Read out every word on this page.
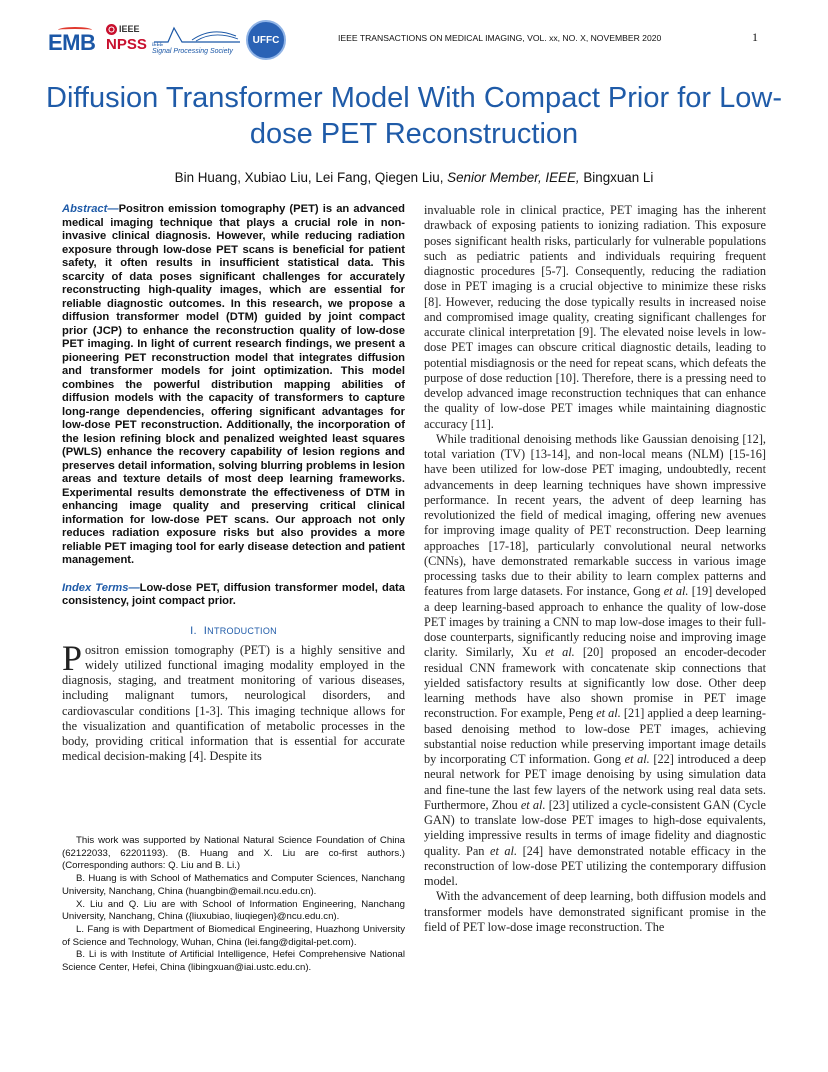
EMB
IEEE
NPSS IEEE
Signal Processing Society
UFFC	IEEE TRANSACTIONS ON MEDICAL IMAGING, VOL. xx, NO. X, NOVEMBER 2020	1
Diffusion Transformer Model With Compact Prior for Low-dose PET Reconstruction
Bin Huang, Xubiao Liu, Lei Fang, Qiegen Liu, Senior Member, IEEE, Bingxuan Li

Abstract—Positron emission tomography (PET) is an advanced medical imaging technique that plays a crucial role in non-invasive clinical diagnosis. However, while reducing radiation exposure through low-dose PET scans is beneficial for patient safety, it often results in insufficient statistical data. This scarcity of data poses significant challenges for accurately reconstructing high-quality images, which are essential for reliable diagnostic outcomes. In this research, we propose a diffusion transformer model (DTM) guided by joint compact prior (JCP) to enhance the reconstruction quality of low-dose PET imaging. In light of current research findings, we present a pioneering PET reconstruction model that integrates diffusion and transformer models for joint optimization. This model combines the powerful distribution mapping abilities of diffusion models with the capacity of transformers to capture long-range dependencies, offering significant advantages for low-dose PET reconstruction. Additionally, the incorporation of the lesion refining block and penalized weighted least squares (PWLS) enhance the recovery capability of lesion regions and preserves detail information, solving blurring problems in lesion areas and texture details of most deep learning frameworks. Experimental results demonstrate the effectiveness of DTM in enhancing image quality and preserving critical clinical information for low-dose PET scans. Our approach not only reduces radiation exposure risks but also provides a more reliable PET imaging tool for early disease detection and patient management.

Index Terms—Low-dose PET, diffusion transformer model, data consistency, joint compact prior.

I. INTRODUCTION

Positron emission tomography (PET) is a highly sensitive and widely utilized functional imaging modality employed in the diagnosis, staging, and treatment monitoring of various diseases, including malignant tumors, neurological disorders, and cardiovascular conditions [1-3]. This imaging technique allows for the visualization and quantification of metabolic processes in the body, providing critical information that is essential for accurate medical decision-making [4]. Despite its

This work was supported by National Natural Science Foundation of China (62122033, 62201193). (B. Huang and X. Liu are co-first authors.) (Corresponding authors: Q. Liu and B. Li.)

B. Huang is with School of Mathematics and Computer Sciences, Nanchang University, Nanchang, China (huangbin@email.ncu.edu.cn).

X. Liu and Q. Liu are with School of Information Engineering, Nanchang University, Nanchang, China ({liuxubiao, liuqiegen}@ncu.edu.cn).

L. Fang is with Department of Biomedical Engineering, Huazhong University of Science and Technology, Wuhan, China (lei.fang@digital-pet.com).

B. Li is with Institute of Artificial Intelligence, Hefei Comprehensive National Science Center, Hefei, China (libingxuan@iai.ustc.edu.cn).

invaluable role in clinical practice, PET imaging has the inherent drawback of exposing patients to ionizing radiation. This exposure poses significant health risks, particularly for vulnerable populations such as pediatric patients and individuals requiring frequent diagnostic procedures [5-7]. Consequently, reducing the radiation dose in PET imaging is a crucial objective to minimize these risks [8]. However, reducing the dose typically results in increased noise and compromised image quality, creating significant challenges for accurate clinical interpretation [9]. The elevated noise levels in low-dose PET images can obscure critical diagnostic details, leading to potential misdiagnosis or the need for repeat scans, which defeats the purpose of dose reduction [10]. Therefore, there is a pressing need to develop advanced image reconstruction techniques that can enhance the quality of low-dose PET images while maintaining diagnostic accuracy [11].

While traditional denoising methods like Gaussian denoising [12], total variation (TV) [13-14], and non-local means (NLM) [15-16] have been utilized for low-dose PET imaging, undoubtedly, recent advancements in deep learning techniques have shown impressive performance. In recent years, the advent of deep learning has revolutionized the field of medical imaging, offering new avenues for improving image quality of PET reconstruction. Deep learning approaches [17-18], particularly convolutional neural networks (CNNs), have demonstrated remarkable success in various image processing tasks due to their ability to learn complex patterns and features from large datasets. For instance, Gong et al. [19] developed a deep learning-based approach to enhance the quality of low-dose PET images by training a CNN to map low-dose images to their full-dose counterparts, significantly reducing noise and improving image clarity. Similarly, Xu et al. [20] proposed an encoder-decoder residual CNN framework with concatenate skip connections that yielded satisfactory results at significantly low dose. Other deep learning methods have also shown promise in PET image reconstruction. For example, Peng et al. [21] applied a deep learning-based denoising method to low-dose PET images, achieving substantial noise reduction while preserving important image details by incorporating CT information. Gong et al. [22] introduced a deep neural network for PET image denoising by using simulation data and fine-tune the last few layers of the network using real data sets. Furthermore, Zhou et al. [23] utilized a cycle-consistent GAN (Cycle GAN) to translate low-dose PET images to high-dose equivalents, yielding impressive results in terms of image fidelity and diagnostic quality. Pan et al. [24] have demonstrated notable efficacy in the reconstruction of low-dose PET utilizing the contemporary diffusion model.

With the advancement of deep learning, both diffusion models and transformer models have demonstrated significant promise in the field of PET low-dose image reconstruction. The
